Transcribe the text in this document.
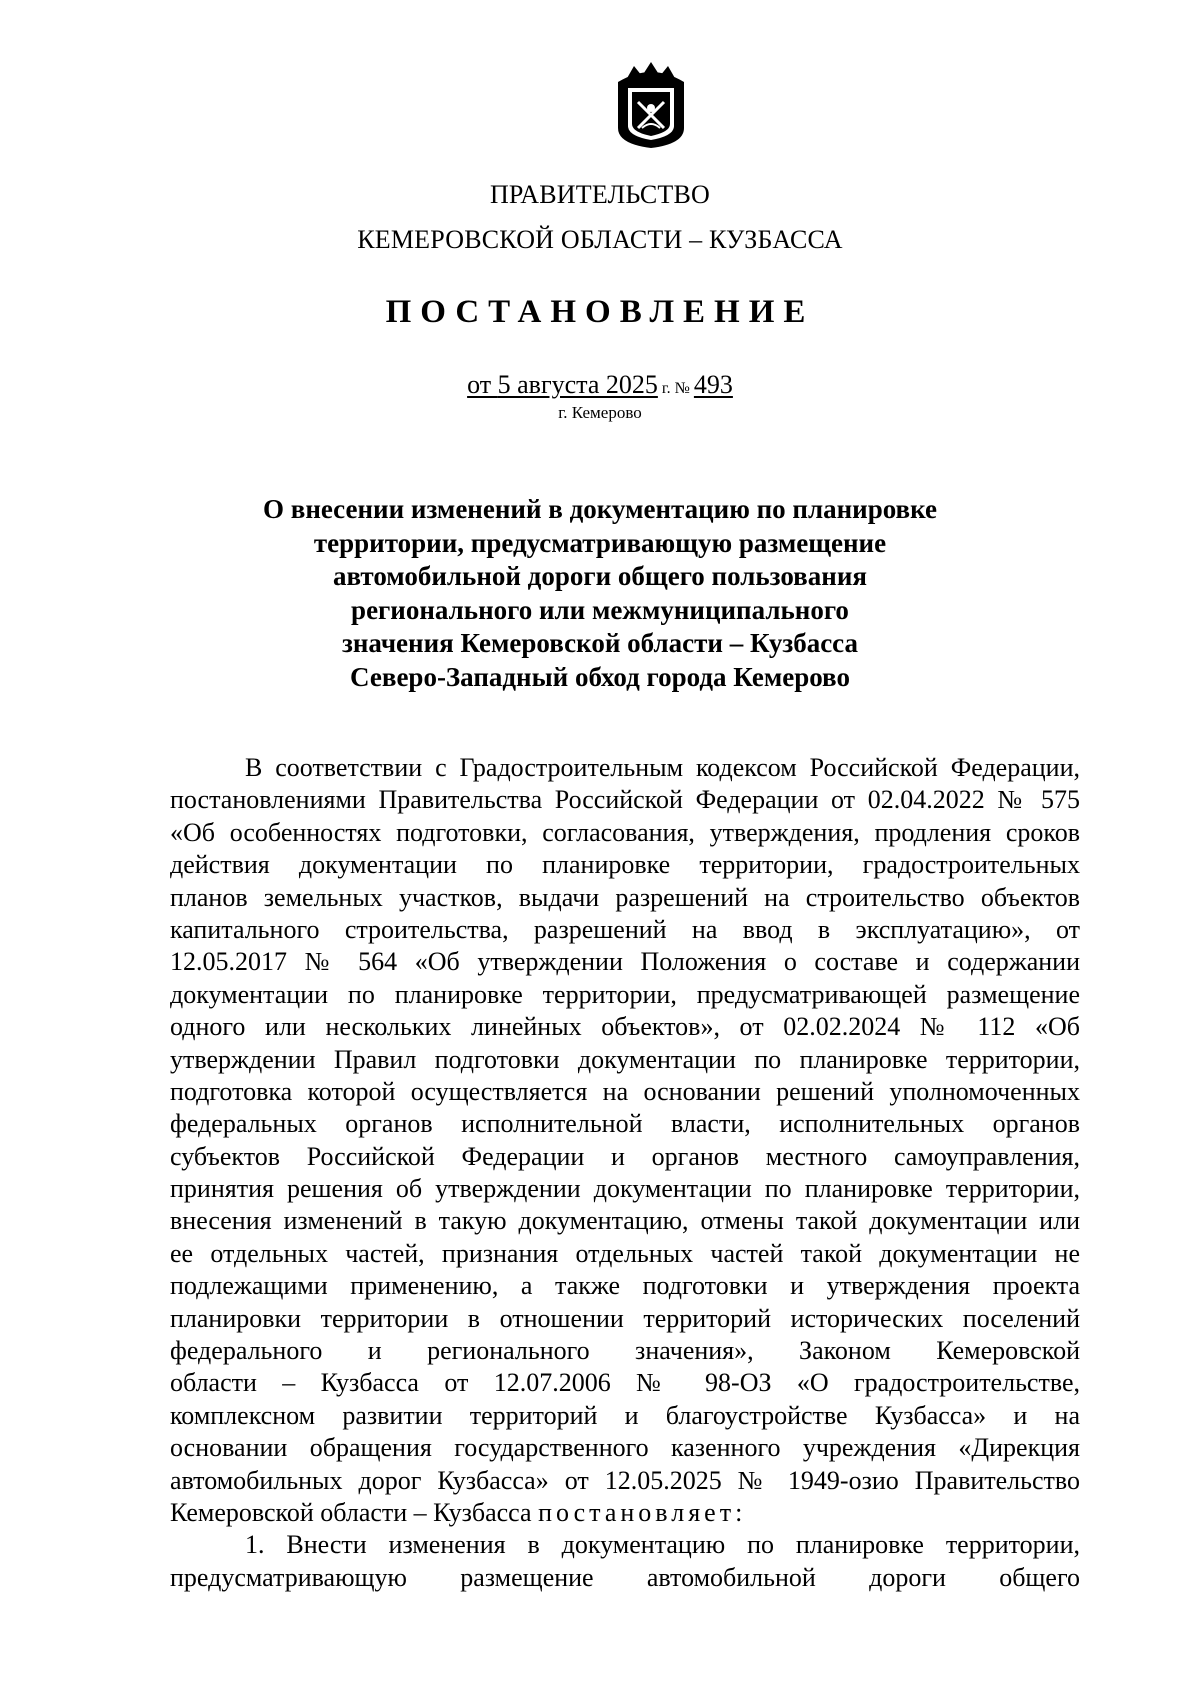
ПРАВИТЕЛЬСТВО
КЕМЕРОВСКОЙ ОБЛАСТИ – КУЗБАССА
ПОСТАНОВЛЕНИЕ
от 5 августа 2025 г. № 493
г. Кемерово
О внесении изменений в документацию по планировке
территории, предусматривающую размещение
автомобильной дороги общего пользования
регионального или межмуниципального
значения Кемеровской области – Кузбасса
Северо-Западный обход города Кемерово
В соответствии с Градостроительным кодексом Российской Федерации,
постановлениями Правительства Российской Федерации от 02.04.2022 № 575
«Об особенностях подготовки, согласования, утверждения, продления сроков
действия документации по планировке территории, градостроительных
планов земельных участков, выдачи разрешений на строительство объектов
капитального строительства, разрешений на ввод в эксплуатацию», от
12.05.2017 № 564 «Об утверждении Положения о составе и содержании
документации по планировке территории, предусматривающей размещение
одного или нескольких линейных объектов», от 02.02.2024 № 112 «Об
утверждении Правил подготовки документации по планировке территории,
подготовка которой осуществляется на основании решений уполномоченных
федеральных органов исполнительной власти, исполнительных органов
субъектов Российской Федерации и органов местного самоуправления,
принятия решения об утверждении документации по планировке территории,
внесения изменений в такую документацию, отмены такой документации или
ее отдельных частей, признания отдельных частей такой документации не
подлежащими применению, а также подготовки и утверждения проекта
планировки территории в отношении территорий исторических поселений
федерального и регионального значения», Законом Кемеровской
области – Кузбасса от 12.07.2006 № 98-ОЗ «О градостроительстве,
комплексном развитии территорий и благоустройстве Кузбасса» и на
основании обращения государственного казенного учреждения «Дирекция
автомобильных дорог Кузбасса» от 12.05.2025 № 1949-озио Правительство
Кемеровской области – Кузбасса постановляет:
1. Внести изменения в документацию по планировке территории,
предусматривающую размещение автомобильной дороги общего
